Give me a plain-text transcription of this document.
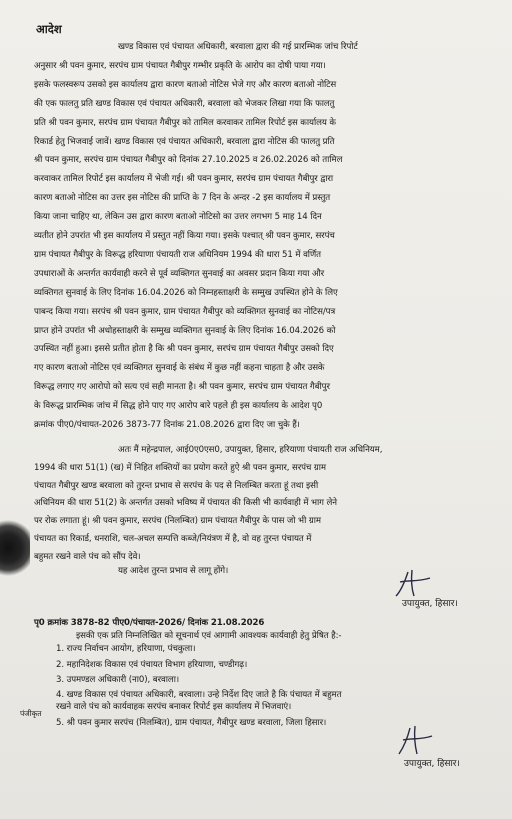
आदेश
खण्ड विकास एवं पंचायत अधिकारी, बरवाला द्वारा की गई प्रारम्भिक जांच रिपोर्ट
अनुसार श्री पवन कुमार, सरपंच ग्राम पंचायत गैबीपुर गम्भीर प्रकृति के आरोप का दोषी पाया गया।
इसके फलस्वरूप उसको इस कार्यालय द्वारा कारण बताओ नोटिस भेजे गए और कारण बताओ नोटिस
की एक फालतु प्रति खण्ड विकास एवं पंचायत अधिकारी, बरवाला को भेजकर लिखा गया कि फालतु
प्रति श्री पवन कुमार, सरपंच ग्राम पंचायत गैबीपुर को तामिल करवाकर तामिल रिपोर्ट इस कार्यालय के
रिकार्ड हेतु भिजवाई जावें। खण्ड विकास एवं पंचायत अधिकारी, बरवाला द्वारा नोटिस की फालतु प्रति
श्री पवन कुमार, सरपंच ग्राम पंचायत गैबीपुर को दिनांक 27.10.2025 व 26.02.2026 को तामिल
करवाकर तामिल रिपोर्ट इस कार्यालय में भेजी गई। श्री पवन कुमार, सरपंच ग्राम पंचायत गैबीपुर द्वारा
कारण बताओ नोटिस का उत्तर इस नोटिस की प्राप्ति के 7 दिन के अन्दर -2 इस कार्यालय में प्रस्तुत
किया जाना चाहिए था, लेकिन उस द्वारा कारण बताओ नोटिसो का उत्तर लगभग 5 माह 14 दिन
व्यतीत होने उपरांत भी इस कार्यालय में प्रस्तुत नहीं किया गया। इसके पश्चात् श्री पवन कुमार, सरपंच
ग्राम पंचायत गैबीपुर के विरूद्ध हरियाणा पंचायती राज अधिनियम 1994 की धारा 51 में वर्णित
उपधाराओं के अन्तर्गत कार्यवाही करने से पूर्व व्यक्तिगत सुनवाई का अवसर प्रदान किया गया और
व्यक्तिगत सुनवाई के लिए दिनांक 16.04.2026 को निम्नहस्ताक्षरी के सम्मुख उपस्थित होने के लिए
पाबन्द किया गया। सरपंच श्री पवन कुमार, ग्राम पंचायत गैबीपुर को व्यक्तिगत सुनवाई का नोटिस/पत्र
प्राप्त होने उपरांत भी अधोहस्ताक्षरी के सम्मुख व्यक्तिगत सुनवाई के लिए दिनांक 16.04.2026 को
उपस्थित नहीं हुआ। इससे प्रतीत होता है कि श्री पवन कुमार, सरपंच ग्राम पंचायत गैबीपुर उसको दिए
गए कारण बताओ नोटिस एवं व्यक्तिगत सुनवाई के संबंध में कुछ नहीं कहना चाहता है और उसके
विरूद्ध लगाए गए आरोपो को सत्य एवं सही मानता है। श्री पवन कुमार, सरपंच ग्राम पंचायत गैबीपुर
के विरूद्ध प्रारम्भिक जांच में सिद्ध होने पाए गए आरोप बारे पहले ही इस कार्यालय के आदेश पृ0
क्रमांक पीए0/पंचायत-2026 3873-77 दिनांक 21.08.2026 द्वारा दिए जा चुके हैं।
अतः मैं महेन्द्रपाल, आई0ए0एस0, उपायुक्त, हिसार, हरियाणा पंचायती राज अधिनियम,
1994 की धारा 51(1) (ख) में निहित शक्तियों का प्रयोग करते हुऐ श्री पवन कुमार, सरपंच ग्राम
पंचायत गैबीपुर खण्ड बरवाला को तुरन्त प्रभाव से सरपंच के पद से निलम्बित करता हूं तथा इसी
अधिनियम की धारा 51(2) के अन्तर्गत उसको भविष्य में पंचायत की किसी भी कार्यवाही में भाग लेने
पर रोक लगाता हूं। श्री पवन कुमार, सरपंच (निलम्बित) ग्राम पंचायत गैबीपुर के पास जो भी ग्राम
पंचायत का रिकार्ड, धनराशि, चल-अचल सम्पत्ति कब्जे/नियंत्रण में है, वो वह तुरन्त पंचायत में
बहुमत रखने वाले पंच को सौंप देवे।
यह आदेश तुरन्त प्रभाव से लागू होंगे।
उपायुक्त, हिसार।
पृ0 क्रमांक 3878-82 पीए0/पंचायत-2026/ दिनांक 21.08.2026
इसकी एक प्रति निम्नलिखित को सूचनार्थ एवं आगामी आवश्यक कार्यवाही हेतु प्रेषित है:-
1. राज्य निर्वाचन आयोग, हरियाणा, पंचकुला।
2. महानिदेशक विकास एवं पंचायत विभाग हरियाणा, चण्डीगढ़।
3. उपमण्डल अधिकारी (ना0), बरवाला।
4. खण्ड विकास एवं पंचायत अधिकारी, बरवाला। उन्हे निर्देश दिए जाते है कि पंचायत में बहुमत
रखने वाले पंच को कार्यवाहक सरपंच बनाकर रिपोर्ट इस कार्यालय में भिजवाएं।
5. श्री पवन कुमार सरपंच (निलम्बित), ग्राम पंचायत, गैबीपुर खण्ड बरवाला, जिला हिसार।
पंजीकृत
उपायुक्त, हिसार।
